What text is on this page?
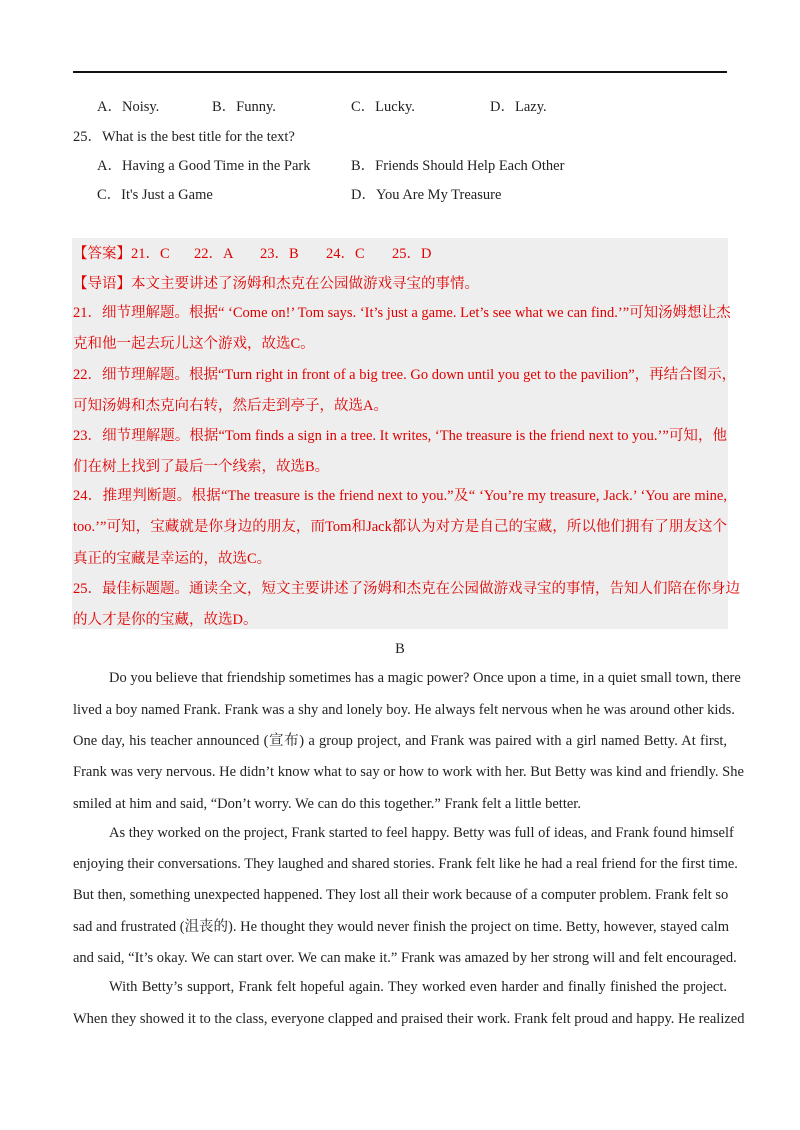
A．Noisy.	B．Funny.	C．Lucky.	D．Lazy.
25．What is the best title for the text?
A．Having a Good Time in the Park	B．Friends Should Help Each Other
C．It's Just a Game	D．You Are My Treasure
【答案】 21．C 22．A 23．B 24．C 25．D
【导语】本文主要讲述了汤姆和杰克在公园做游戏寻宝的事情。
21．细节理解题。根据“ ‘Come on!’ Tom says. ‘It’s just a game. Let’s see what we can find.’”可知汤姆想让杰
克和他一起去玩儿这个游戏，故选C。
22．细节理解题。根据“Turn right in front of a big tree. Go down until you get to the pavilion”，再结合图示，
可知汤姆和杰克向右转，然后走到亭子，故选A。
23．细节理解题。根据“Tom finds a sign in a tree. It writes, ‘The treasure is the friend next to you.’”可知，他
们在树上找到了最后一个线索，故选B。
24．推理判断题。根据“The treasure is the friend next to you.”及“ ‘You’re my treasure, Jack.’ ‘You are mine,
too.’”可知，宝藏就是你身边的朋友，而Tom和Jack都认为对方是自己的宝藏，所以他们拥有了朋友这个
真正的宝藏是幸运的，故选C。
25．最佳标题题。通读全文，短文主要讲述了汤姆和杰克在公园做游戏寻宝的事情，告知人们陪在你身边
的人才是你的宝藏，故选D。
B
Do you believe that friendship sometimes has a magic power? Once upon a time, in a quiet small town, there
lived a boy named Frank. Frank was a shy and lonely boy. He always felt nervous when he was around other kids.
One day, his teacher announced (宣布) a group project, and Frank was paired with a girl named Betty. At first,
Frank was very nervous. He didn’t know what to say or how to work with her. But Betty was kind and friendly. She
smiled at him and said, “Don’t worry. We can do this together.” Frank felt a little better.
As they worked on the project, Frank started to feel happy. Betty was full of ideas, and Frank found himself
enjoying their conversations. They laughed and shared stories. Frank felt like he had a real friend for the first time.
But then, something unexpected happened. They lost all their work because of a computer problem. Frank felt so
sad and frustrated (沮丧的). He thought they would never finish the project on time. Betty, however, stayed calm
and said, “It’s okay. We can start over. We can make it.” Frank was amazed by her strong will and felt encouraged.
With Betty’s support, Frank felt hopeful again. They worked even harder and finally finished the project.
When they showed it to the class, everyone clapped and praised their work. Frank felt proud and happy. He realized
